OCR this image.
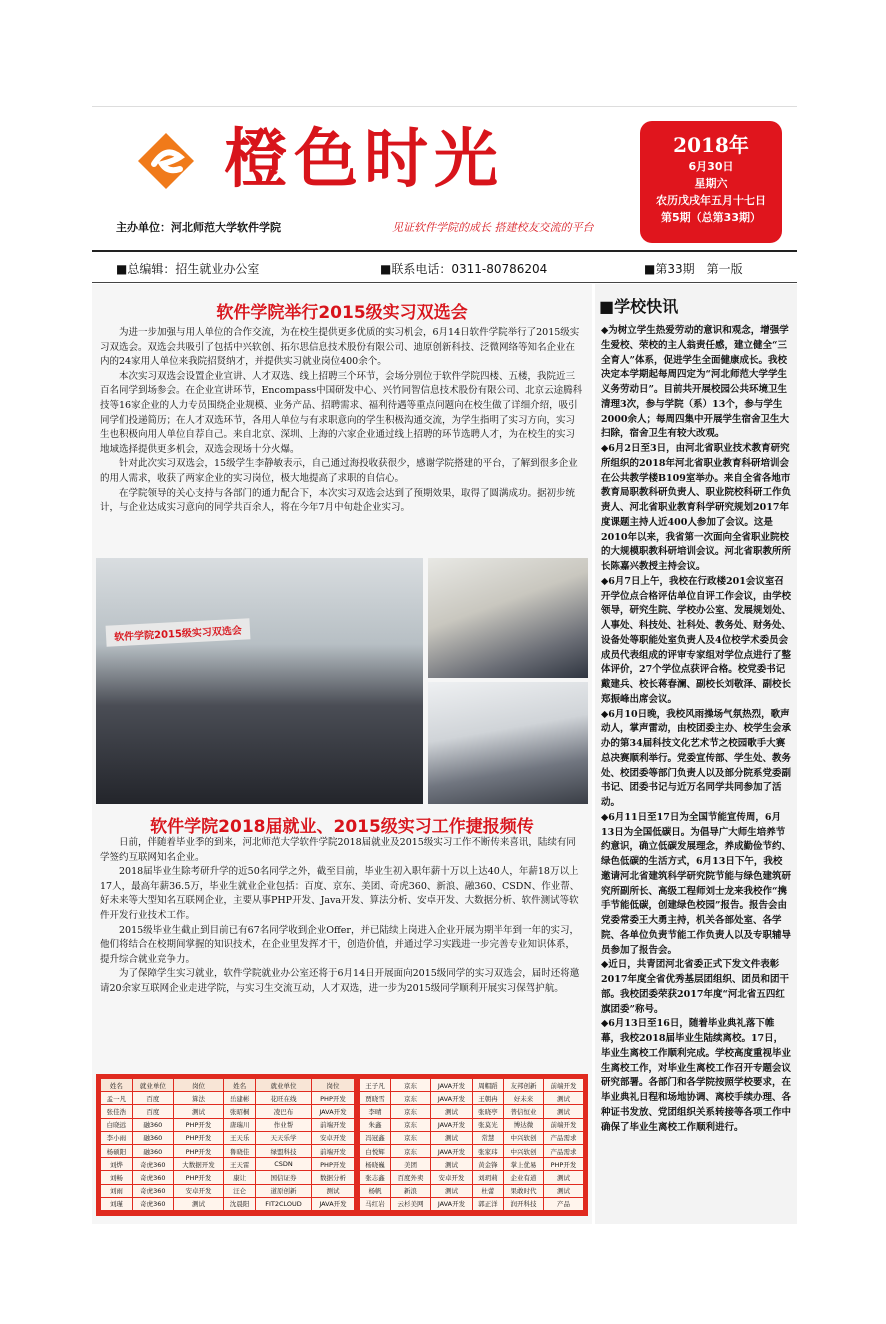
橙色时光
主办单位：河北师范大学软件学院	见证软件学院的成长 搭建校友交流的平台
2018年
6月30日
星期六
农历戊戌年五月十七日
第5期（总第33期）
■总编辑：招生就业办公室	■联系电话：0311-80786204	■第33期　第一版
软件学院举行2015级实习双选会

为进一步加强与用人单位的合作交流，为在校生提供更多优质的实习机会，6月14日软件学院举行了2015级实习双选会。双选会共吸引了包括中兴软创、拓尔思信息技术股份有限公司、迪原创新科技、泛微网络等知名企业在内的24家用人单位来我院招贤纳才，并提供实习就业岗位400余个。

本次实习双选会设置企业宣讲、人才双选、线上招聘三个环节，会场分别位于软件学院四楼、五楼，我院近三百名同学到场参会。在企业宣讲环节，Encompass中国研发中心、兴竹同智信息技术股份有限公司、北京云途腾科技等16家企业的人力专员围绕企业规模、业务产品、招聘需求、福利待遇等重点问题向在校生做了详细介绍，吸引同学们投递简历；在人才双选环节，各用人单位与有求职意向的学生积极沟通交流，为学生指明了实习方向，实习生也积极向用人单位自荐自己。来自北京、深圳、上海的六家企业通过线上招聘的环节选聘人才，为在校生的实习地域选择提供更多机会，双选会现场十分火爆。

针对此次实习双选会，15级学生李静敏表示，自己通过海投收获很少，感谢学院搭建的平台，了解到很多企业的用人需求，收获了两家企业的实习岗位，极大地提高了求职的自信心。

在学院领导的关心支持与各部门的通力配合下，本次实习双选会达到了预期效果，取得了圆满成功。据初步统计，与企业达成实习意向的同学共百余人，将在今年7月中旬赴企业实习。

软件学院2015级实习双选会
软件学院2018届就业、2015级实习工作捷报频传

日前，伴随着毕业季的到来，河北师范大学软件学院2018届就业及2015级实习工作不断传来喜讯，陆续有同学签约互联网知名企业。

2018届毕业生除考研升学的近50名同学之外，截至目前，毕业生初入职年薪十万以上达40人，年薪18万以上17人，最高年薪36.5万，毕业生就业企业包括：百度、京东、美团、奇虎360、新浪、融360、CSDN、作业帮、好未来等大型知名互联网企业，主要从事PHP开发、Java开发、算法分析、安卓开发、大数据分析、软件测试等软件开发行业技术工作。

2015级毕业生截止到目前已有67名同学收到企业Offer，并已陆续上岗进入企业开展为期半年到一年的实习，他们将结合在校期间掌握的知识技术，在企业里发挥才干，创造价值，并通过学习实践进一步完善专业知识体系，提升综合就业竞争力。

为了保障学生实习就业，软件学院就业办公室还将于6月14日开展面向2015级同学的实习双选会，届时还将邀请20余家互联网企业走进学院，与实习生交流互动，人才双选，进一步为2015级同学顺利开展实习保驾护航。

姓名	就业单位	岗位	姓名	就业单位	岗位
孟一凡	百度	算法	岳建彬	花旺在线	PHP开发
张佳浩	百度	测试	张昭桐	凌巴布	JAVA开发
白晓远	融360	PHP开发	唐瑞川	作业帮	前端开发
李小雨	融360	PHP开发	王天乐	天天乐学	安卓开发
杨硕阳	融360	PHP开发	鲁晓佳	绿盟科技	前端开发
刘烨	奇虎360	大数据开发	王天雷	CSDN	PHP开发
刘畅	奇虎360	PHP开发	康让	国信证券	数据分析
刘雨	奇虎360	安卓开发	汪仑	道原创新	测试
刘瑾	奇虎360	测试	沈晨阳	FIT2CLOUD	JAVA开发
王子凡	京东	JAVA开发	周帽蹈	友邦创新	前端开发
贾晓雪	京东	JAVA开发	王朝冉	好未来	测试
李晴	京东	测试	张晓亭	普信恒业	测试
朱鑫	京东	JAVA开发	张莫光	博达微	前端开发
冯冠鑫	京东	测试	常慧	中兴软创	产品需求
白悦辉	京东	JAVA开发	张家玮	中兴软创	产品需求
杨晓巍	美团	测试	黄金锋	掌上优易	PHP开发
张志鑫	百度外卖	安卓开发	刘玥莉	企业有道	测试
杨帆	新浪	测试	杜蕾	果敢时代	测试
马红岩	云杉美网	JAVA开发	郭正洋	润开科技	产品
■学校快讯

◆为树立学生热爱劳动的意识和观念，增强学生爱校、荣校的主人翁责任感，建立健全“三全育人”体系，促进学生全面健康成长。我校决定本学期起每周四定为“河北师范大学学生义务劳动日”。目前共开展校园公共环境卫生清理3次，参与学院（系）13个，参与学生2000余人；每周四集中开展学生宿舍卫生大扫除，宿舍卫生有较大改观。

◆6月2日至3日，由河北省职业技术教育研究所组织的2018年河北省职业教育科研培训会在公共教学楼B109室举办。来自全省各地市教育局职教科研负责人、职业院校科研工作负责人、河北省职业教育科学研究规划2017年度课题主持人近400人参加了会议。这是2010年以来，我省第一次面向全省职业院校的大规模职教科研培训会议。河北省职教所所长陈嘉兴教授主持会议。

◆6月7日上午，我校在行政楼201会议室召开学位点合格评估单位自评工作会议，由学校领导，研究生院、学校办公室、发展规划处、人事处、科技处、社科处、教务处、财务处、设备处等职能处室负责人及4位校学术委员会成员代表组成的评审专家组对学位点进行了整体评价，27个学位点获评合格。校党委书记戴建兵、校长蒋春澜、副校长刘敬泽、副校长郑振峰出席会议。

◆6月10日晚，我校风雨操场气氛热烈，歌声动人，掌声雷动，由校团委主办、校学生会承办的第34届科技文化艺术节之校园歌手大赛总决赛顺利举行。党委宣传部、学生处、教务处、校团委等部门负责人以及部分院系党委副书记、团委书记与近万名同学共同参加了活动。

◆6月11日至17日为全国节能宣传周，6月13日为全国低碳日。为倡导广大师生培养节约意识，确立低碳发展理念，养成勤俭节约、绿色低碳的生活方式，6月13日下午，我校邀请河北省建筑科学研究院节能与绿色建筑研究所副所长、高级工程师刘士龙来我校作“携手节能低碳，创建绿色校园”报告。报告会由党委常委王大勇主持，机关各部处室、各学院、各单位负责节能工作负责人以及专职辅导员参加了报告会。

◆近日，共青团河北省委正式下发文件表彰2017年度全省优秀基层团组织、团员和团干部。我校团委荣获2017年度“河北省五四红旗团委”称号。

◆6月13日至16日，随着毕业典礼落下帷幕，我校2018届毕业生陆续离校。17日，毕业生离校工作顺利完成。学校高度重视毕业生离校工作，对毕业生离校工作召开专题会议研究部署。各部门和各学院按照学校要求，在毕业典礼日程和场地协调、离校手续办理、各种证书发放、党团组织关系转接等各项工作中确保了毕业生离校工作顺利进行。
